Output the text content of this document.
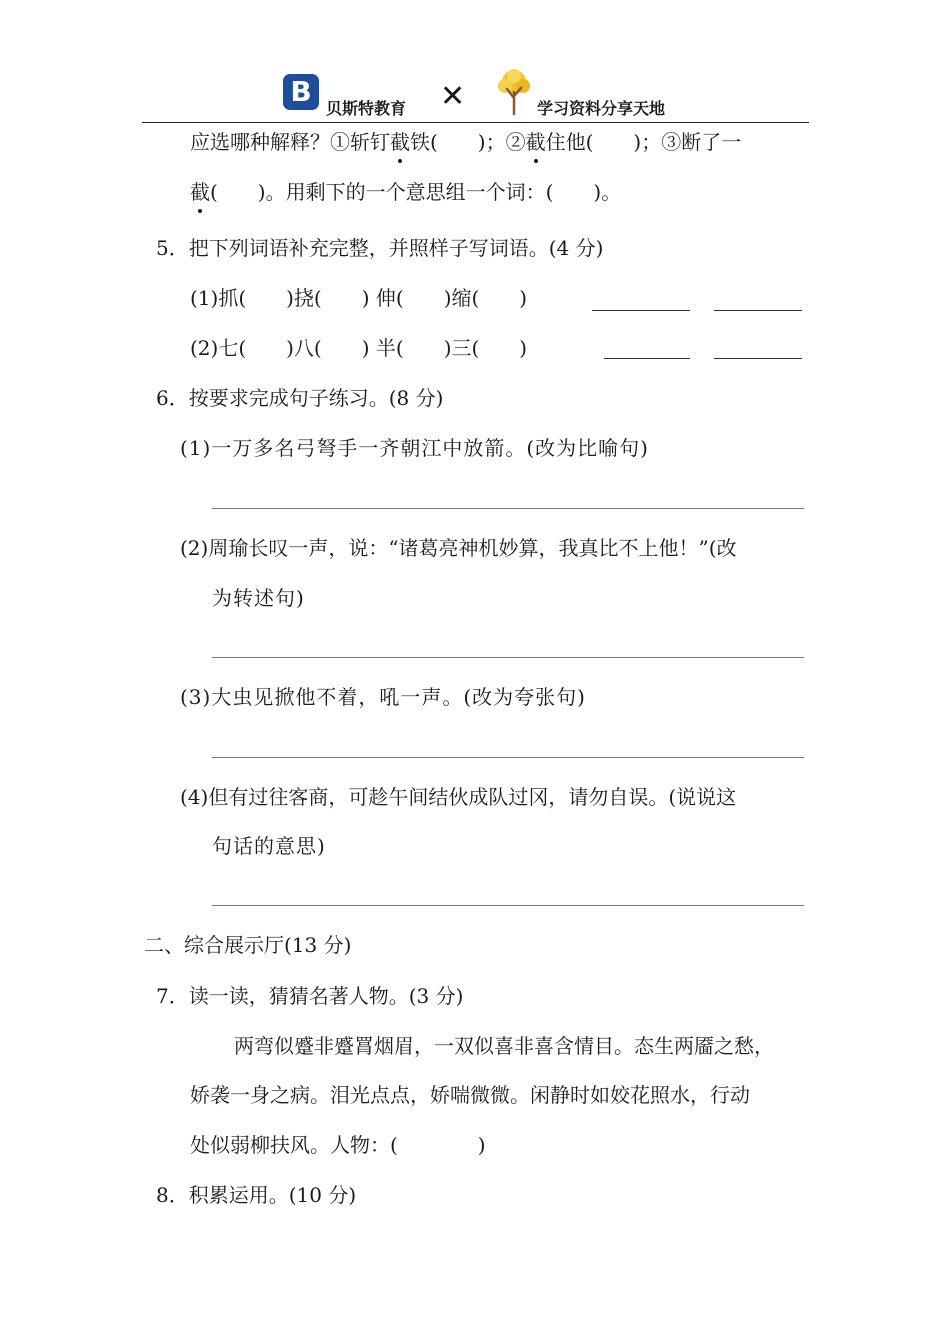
B
贝斯特教育 ✕	学习资料分享天地
应选哪种解释？①斩钉截铁(　　)；②截住他(　　)；③断了一
截(　　)。用剩下的一个意思组一个词：(　　)。
5．把下列词语补充完整，并照样子写词语。(4 分)
(1)抓(　　)挠(　　) 伸(　　)缩(　　)
(2)七(　　)八(　　) 半(　　)三(　　)
6．按要求完成句子练习。(8 分)
(1)一万多名弓弩手一齐朝江中放箭。(改为比喻句)
(2)周瑜长叹一声，说：“诸葛亮神机妙算，我真比不上他！”(改
为转述句)
(3)大虫见掀他不着，吼一声。(改为夸张句)
(4)但有过往客商，可趁午间结伙成队过冈，请勿自误。(说说这
句话的意思)
二、综合展示厅(13 分)
7．读一读，猜猜名著人物。(3 分)
两弯似蹙非蹙罥烟眉，一双似喜非喜含情目。态生两靥之愁，
娇袭一身之病。泪光点点，娇喘微微。闲静时如姣花照水，行动
处似弱柳扶风。人物：(　　　　)
8．积累运用。(10 分)
